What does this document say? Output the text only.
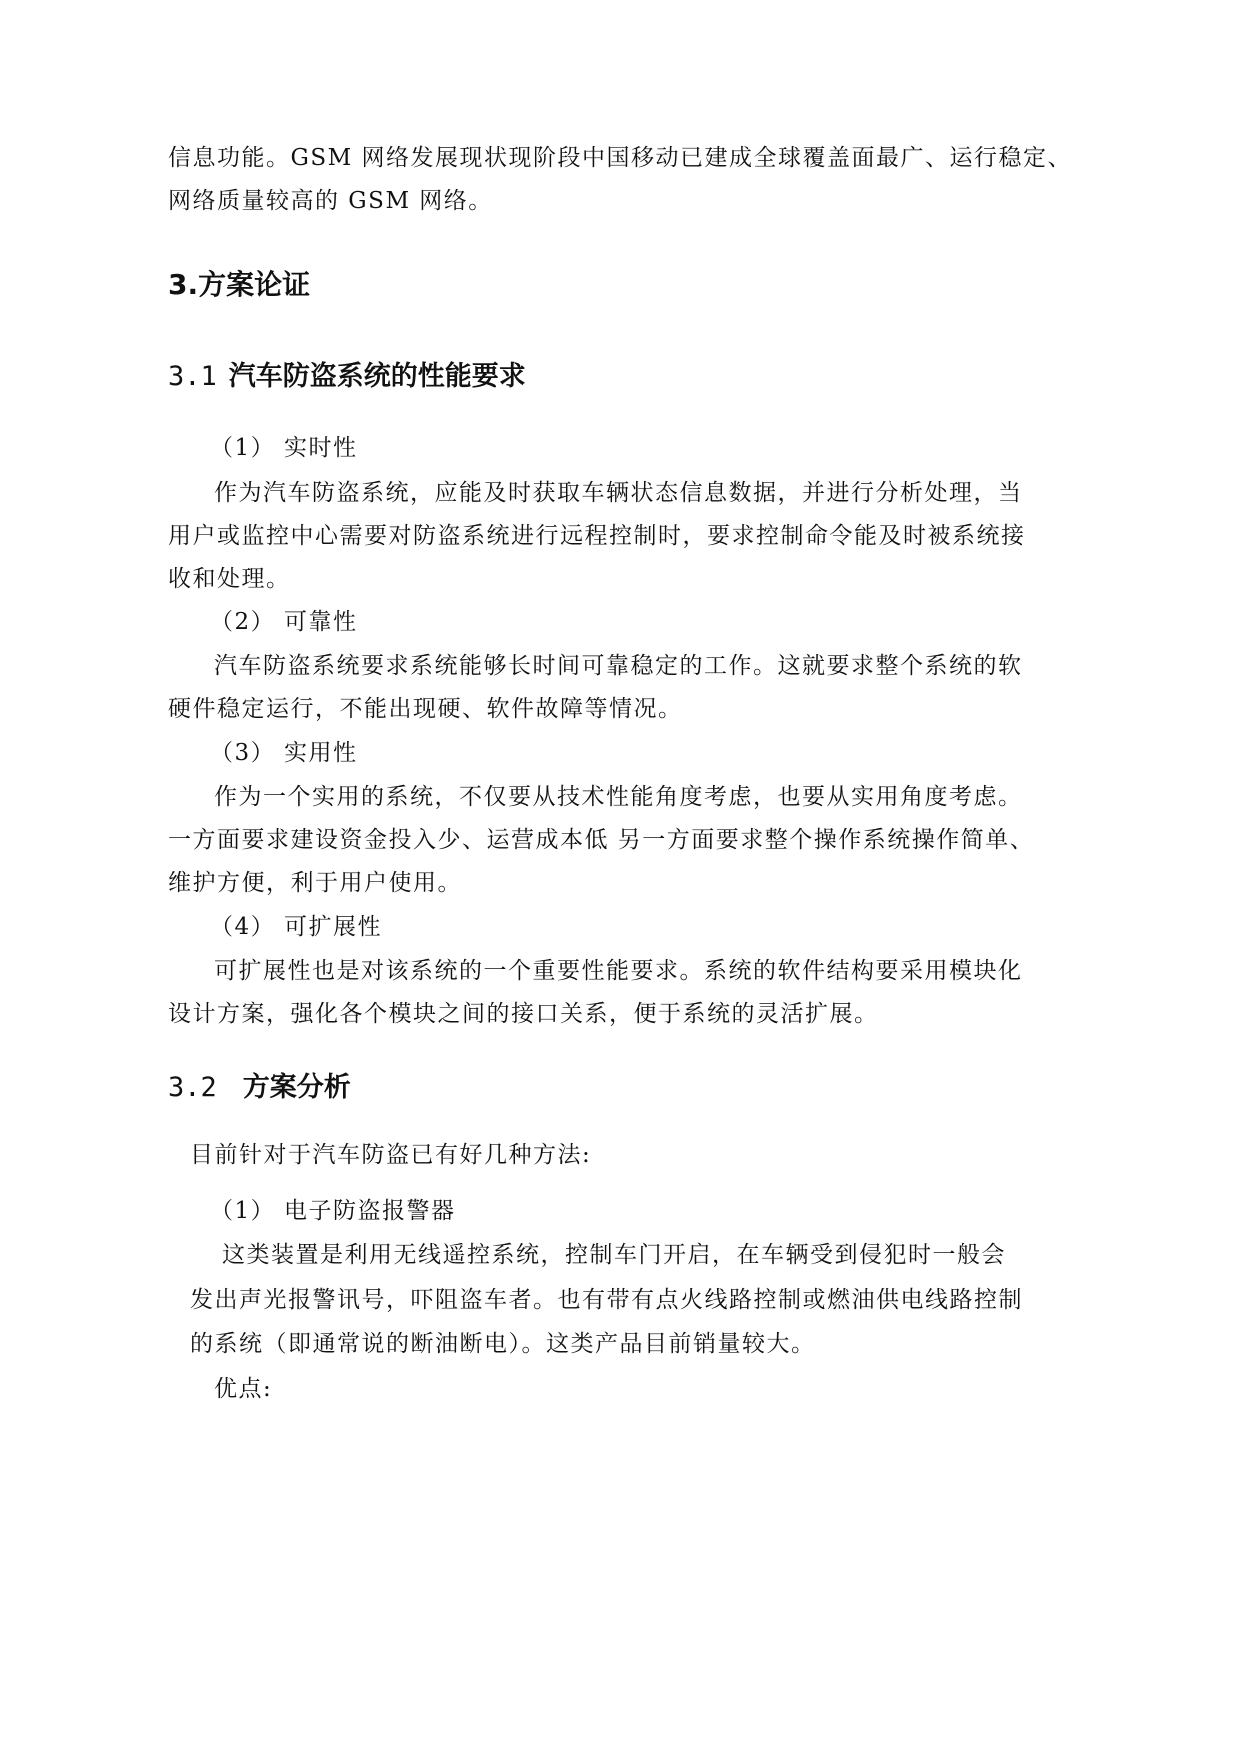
信息功能。GSM 网络发展现状现阶段中国移动已建成全球覆盖面最广、运行稳定、

网络质量较高的 GSM 网络。

3.方案论证
3.1 汽车防盗系统的性能要求

（1） 实时性

作为汽车防盗系统，应能及时获取车辆状态信息数据，并进行分析处理，当

用户或监控中心需要对防盗系统进行远程控制时，要求控制命令能及时被系统接

收和处理。

（2） 可靠性

汽车防盗系统要求系统能够长时间可靠稳定的工作。这就要求整个系统的软

硬件稳定运行，不能出现硬、软件故障等情况。

（3） 实用性

作为一个实用的系统，不仅要从技术性能角度考虑，也要从实用角度考虑。

一方面要求建设资金投入少、运营成本低 另一方面要求整个操作系统操作简单、

维护方便，利于用户使用。

（4） 可扩展性

可扩展性也是对该系统的一个重要性能要求。系统的软件结构要采用模块化

设计方案，强化各个模块之间的接口关系，便于系统的灵活扩展。

3.2 方案分析

目前针对于汽车防盗已有好几种方法:

（1） 电子防盗报警器

这类装置是利用无线遥控系统，控制车门开启，在车辆受到侵犯时一般会

发出声光报警讯号，吓阻盗车者。也有带有点火线路控制或燃油供电线路控制

的系统（即通常说的断油断电）。这类产品目前销量较大。

优点:
